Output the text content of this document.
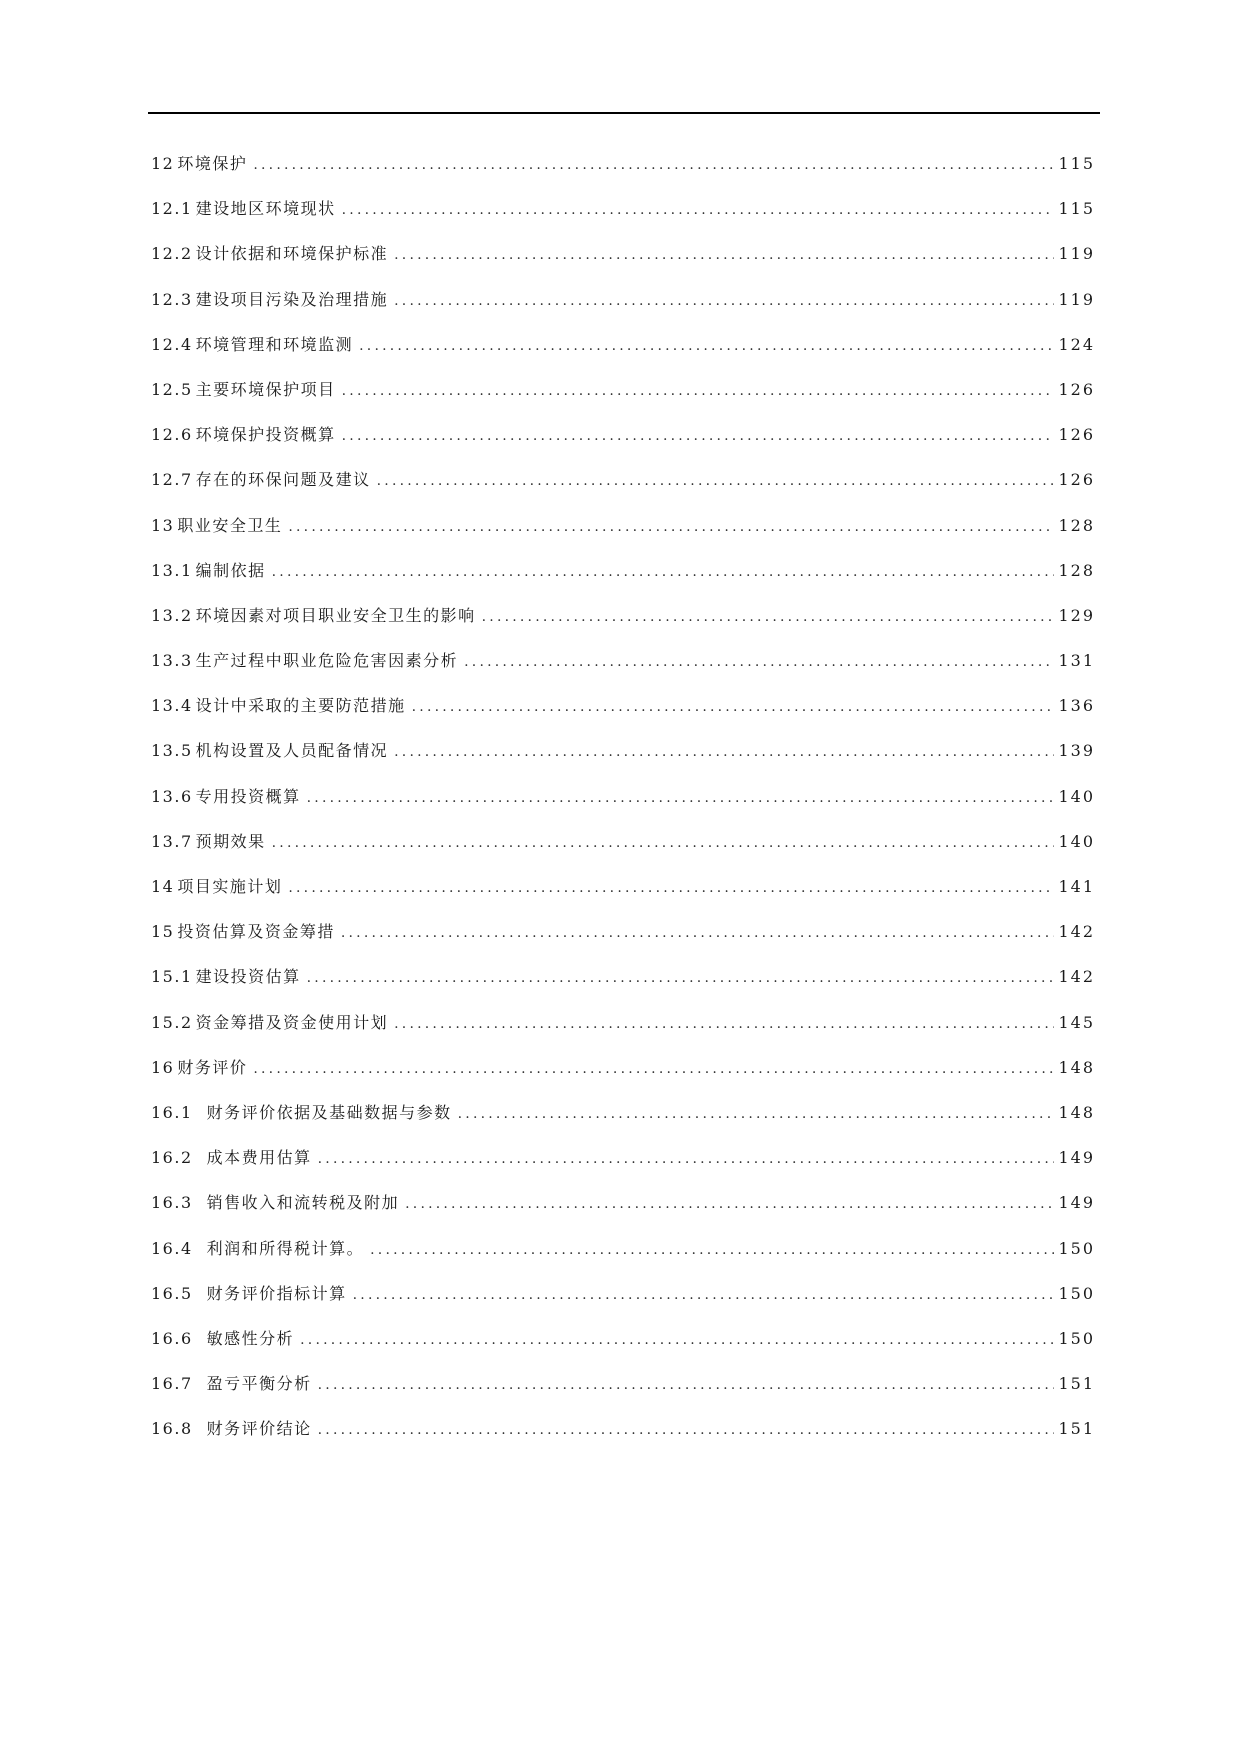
12 环境保护 .....	115
12.1 建设地区环境现状 .....	115
12.2 设计依据和环境保护标准 .....	119
12.3 建设项目污染及治理措施 .....	119
12.4 环境管理和环境监测 .....	124
12.5 主要环境保护项目 .....	126
12.6 环境保护投资概算 .....	126
12.7 存在的环保问题及建议 .....	126
13 职业安全卫生 .....	128
13.1 编制依据 .....	128
13.2 环境因素对项目职业安全卫生的影响 .....	129
13.3 生产过程中职业危险危害因素分析 .....	131
13.4 设计中采取的主要防范措施 .....	136
13.5 机构设置及人员配备情况 .....	139
13.6 专用投资概算 .....	140
13.7 预期效果 .....	140
14 项目实施计划 .....	141
15 投资估算及资金筹措 .....	142
15.1 建设投资估算 .....	142
15.2 资金筹措及资金使用计划 .....	145
16 财务评价 .....	148
16.1 财务评价依据及基础数据与参数 .....	148
16.2 成本费用估算 .....	149
16.3 销售收入和流转税及附加 .....	149
16.4 利润和所得税计算。 .....	150
16.5 财务评价指标计算 .....	150
16.6 敏感性分析 .....	150
16.7 盈亏平衡分析 .....	151
16.8 财务评价结论 .....	151
